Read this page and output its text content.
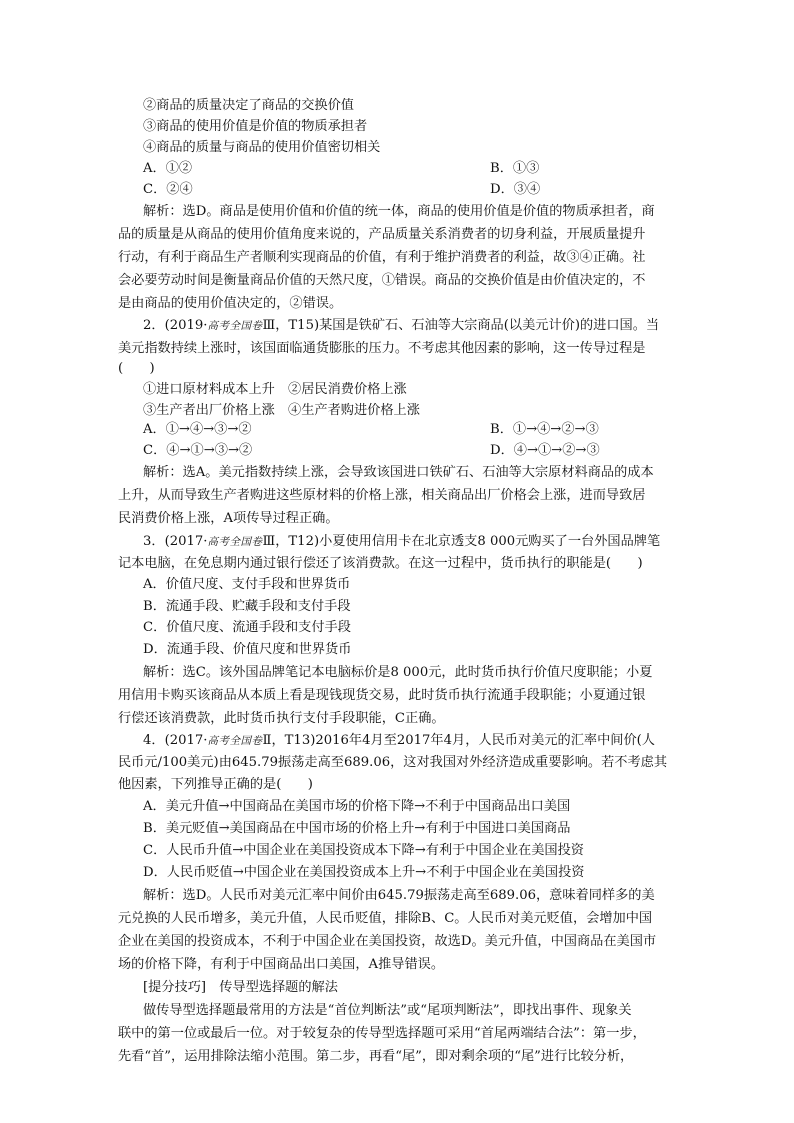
②商品的质量决定了商品的交换价值
③商品的使用价值是价值的物质承担者
④商品的质量与商品的使用价值密切相关
A．①②	B．①③
C．②④	D．③④
解析：选D。商品是使用价值和价值的统一体，商品的使用价值是价值的物质承担者，商
品的质量是从商品的使用价值角度来说的，产品质量关系消费者的切身利益，开展质量提升
行动，有利于商品生产者顺利实现商品的价值，有利于维护消费者的利益，故③④正确。社
会必要劳动时间是衡量商品价值的天然尺度，①错误。商品的交换价值是由价值决定的，不
是由商品的使用价值决定的，②错误。
2．(2019·高考全国卷Ⅲ，T15)某国是铁矿石、石油等大宗商品(以美元计价)的进口国。当
美元指数持续上涨时，该国面临通货膨胀的压力。不考虑其他因素的影响，这一传导过程是
(　　)
①进口原材料成本上升　②居民消费价格上涨
③生产者出厂价格上涨　④生产者购进价格上涨
A．①→④→③→②	B．①→④→②→③
C．④→①→③→②	D．④→①→②→③
解析：选A。美元指数持续上涨，会导致该国进口铁矿石、石油等大宗原材料商品的成本
上升，从而导致生产者购进这些原材料的价格上涨，相关商品出厂价格会上涨，进而导致居
民消费价格上涨，A项传导过程正确。
3．(2017·高考全国卷Ⅲ，T12)小夏使用信用卡在北京透支8 000元购买了一台外国品牌笔
记本电脑，在免息期内通过银行偿还了该消费款。在这一过程中，货币执行的职能是(　　)
A．价值尺度、支付手段和世界货币
B．流通手段、贮藏手段和支付手段
C．价值尺度、流通手段和支付手段
D．流通手段、价值尺度和世界货币
解析：选C。该外国品牌笔记本电脑标价是8 000元，此时货币执行价值尺度职能；小夏
用信用卡购买该商品从本质上看是现钱现货交易，此时货币执行流通手段职能；小夏通过银
行偿还该消费款，此时货币执行支付手段职能，C正确。
4．(2017·高考全国卷Ⅱ，T13)2016年4月至2017年4月，人民币对美元的汇率中间价(人
民币元/100美元)由645.79振荡走高至689.06，这对我国对外经济造成重要影响。若不考虑其
他因素，下列推导正确的是(　　)
A．美元升值→中国商品在美国市场的价格下降→不利于中国商品出口美国
B．美元贬值→美国商品在中国市场的价格上升→有利于中国进口美国商品
C．人民币升值→中国企业在美国投资成本下降→有利于中国企业在美国投资
D．人民币贬值→中国企业在美国投资成本上升→不利于中国企业在美国投资
解析：选D。人民币对美元汇率中间价由645.79振荡走高至689.06，意味着同样多的美
元兑换的人民币增多，美元升值，人民币贬值，排除B、C。人民币对美元贬值，会增加中国
企业在美国的投资成本，不利于中国企业在美国投资，故选D。美元升值，中国商品在美国市
场的价格下降，有利于中国商品出口美国，A推导错误。
[提分技巧]　传导型选择题的解法
做传导型选择题最常用的方法是“首位判断法”或“尾项判断法”，即找出事件、现象关
联中的第一位或最后一位。对于较复杂的传导型选择题可采用“首尾两端结合法”：第一步，
先看“首”，运用排除法缩小范围。第二步，再看“尾”，即对剩余项的“尾”进行比较分析，
